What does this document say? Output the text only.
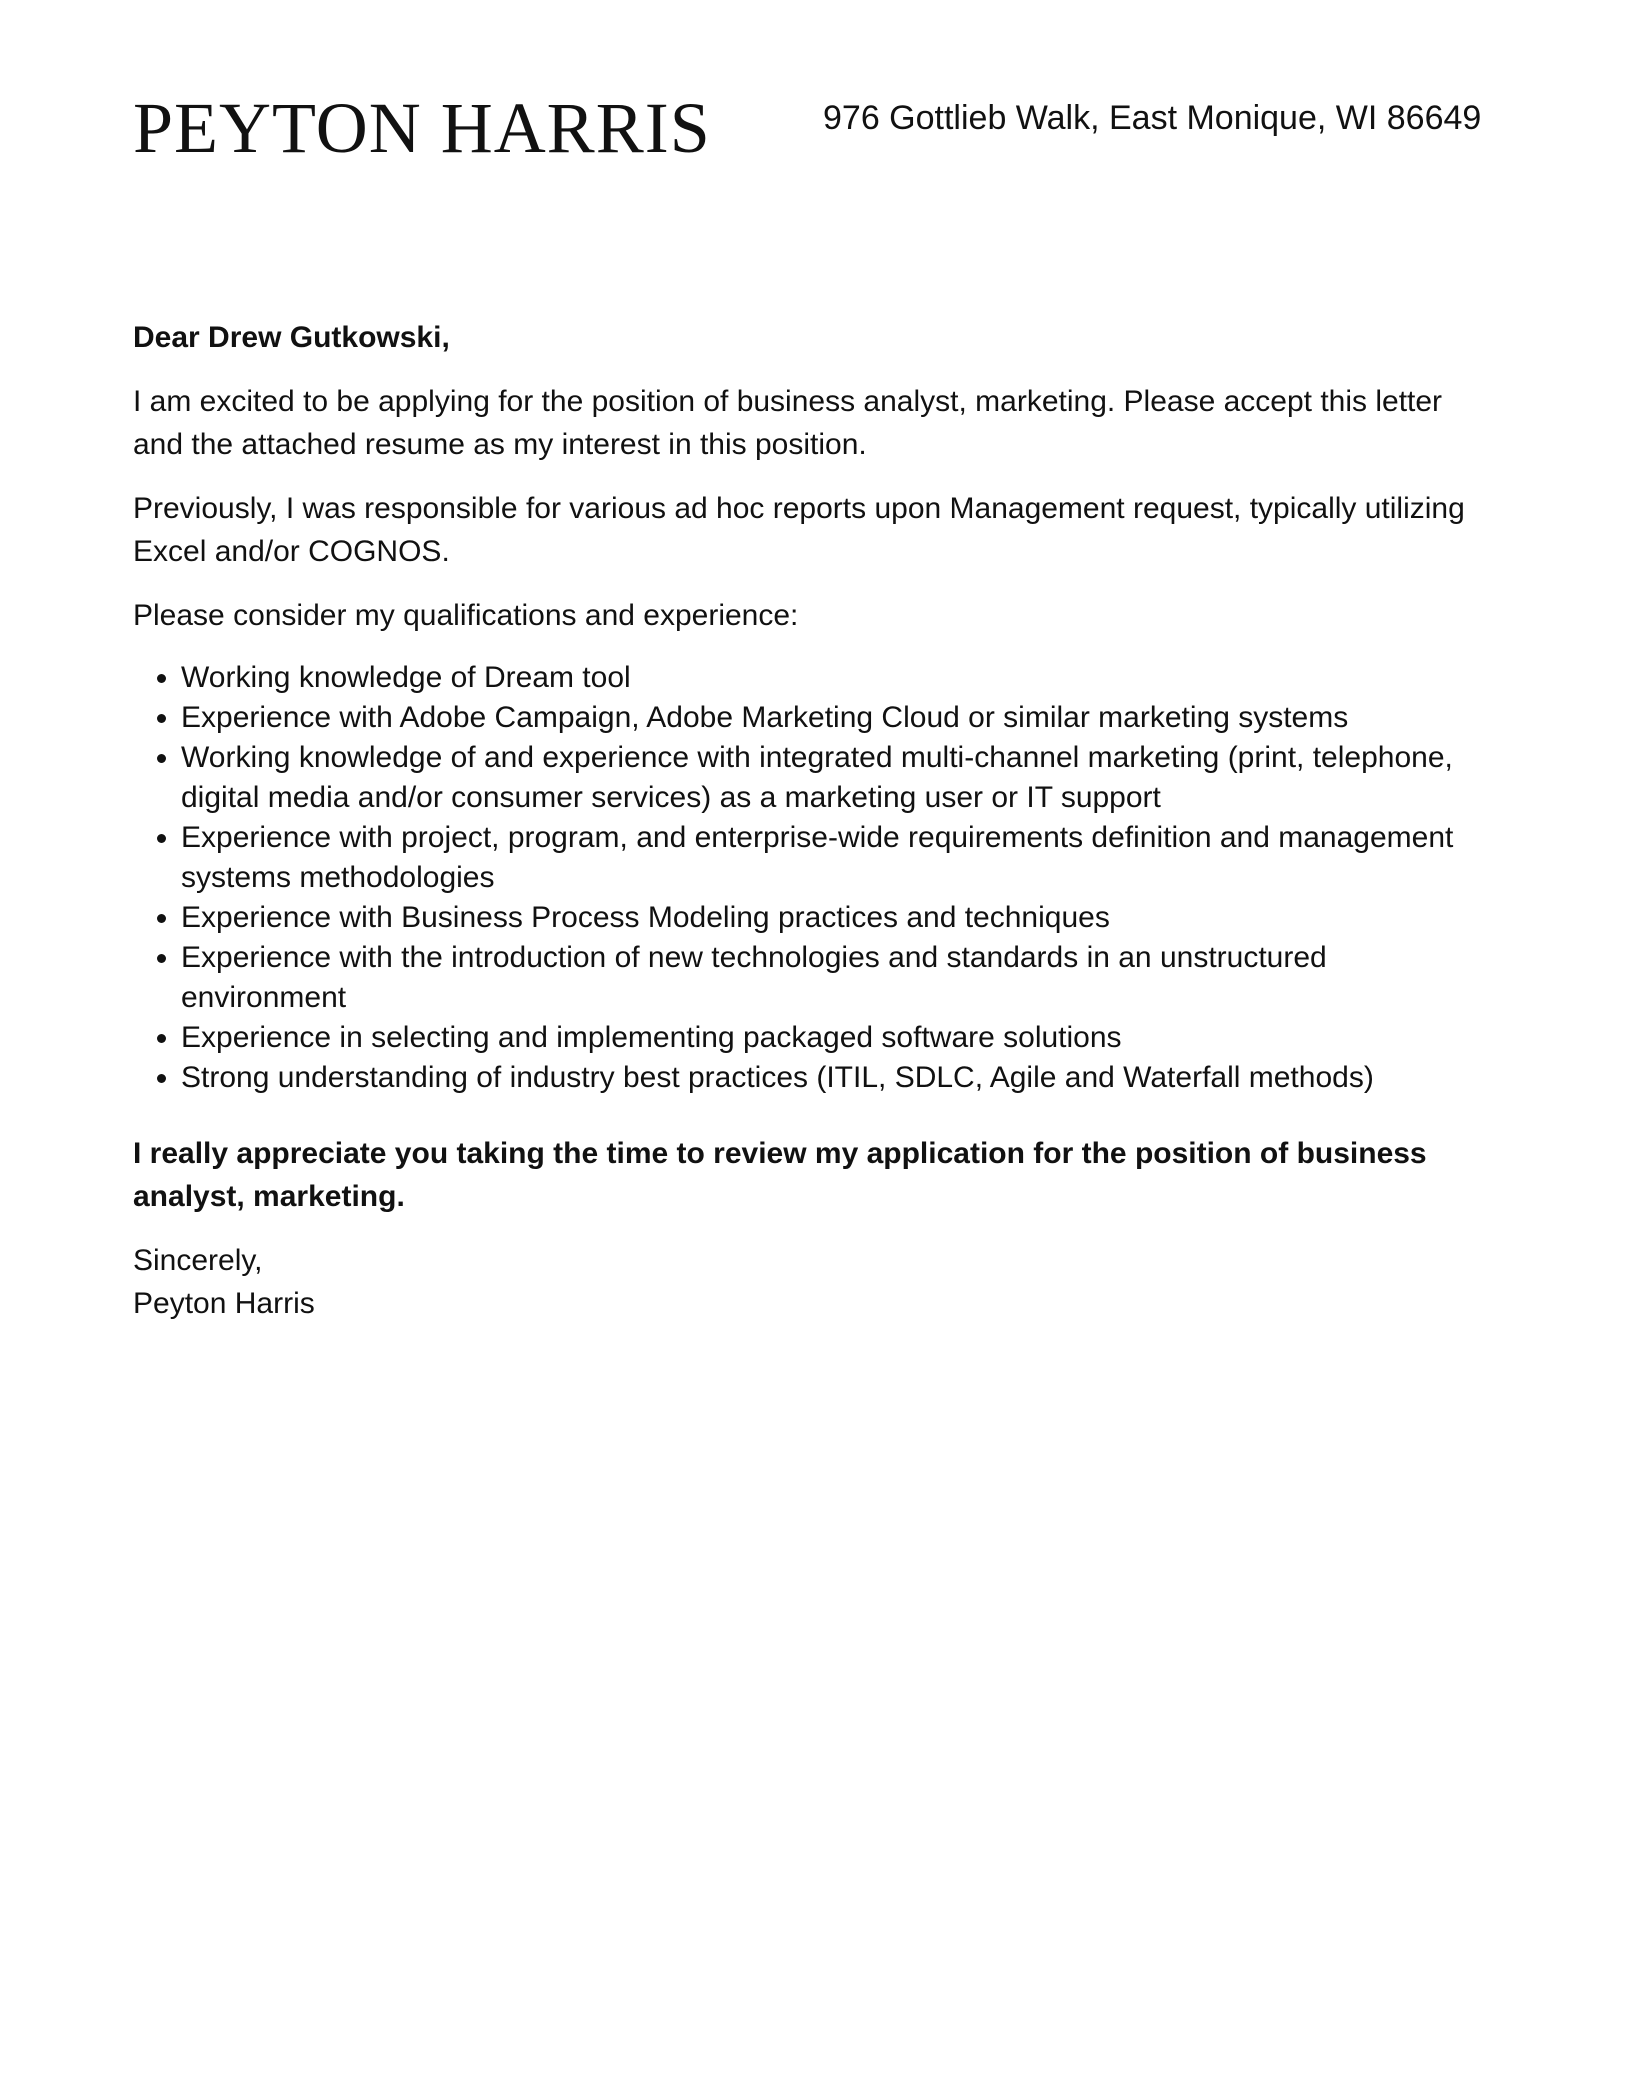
PEYTON HARRIS	976 Gottlieb Walk, East Monique, WI 86649

Dear Drew Gutkowski,

I am excited to be applying for the position of business analyst, marketing. Please accept this letter and the attached resume as my interest in this position.

Previously, I was responsible for various ad hoc reports upon Management request, typically utilizing Excel and/or COGNOS.

Please consider my qualifications and experience:

• Working knowledge of Dream tool
• Experience with Adobe Campaign, Adobe Marketing Cloud or similar marketing systems
• Working knowledge of and experience with integrated multi-channel marketing (print, telephone, digital media and/or consumer services) as a marketing user or IT support
• Experience with project, program, and enterprise-wide requirements definition and management systems methodologies
• Experience with Business Process Modeling practices and techniques
• Experience with the introduction of new technologies and standards in an unstructured environment
• Experience in selecting and implementing packaged software solutions
• Strong understanding of industry best practices (ITIL, SDLC, Agile and Waterfall methods)

I really appreciate you taking the time to review my application for the position of business analyst, marketing.

Sincerely,

Peyton Harris
